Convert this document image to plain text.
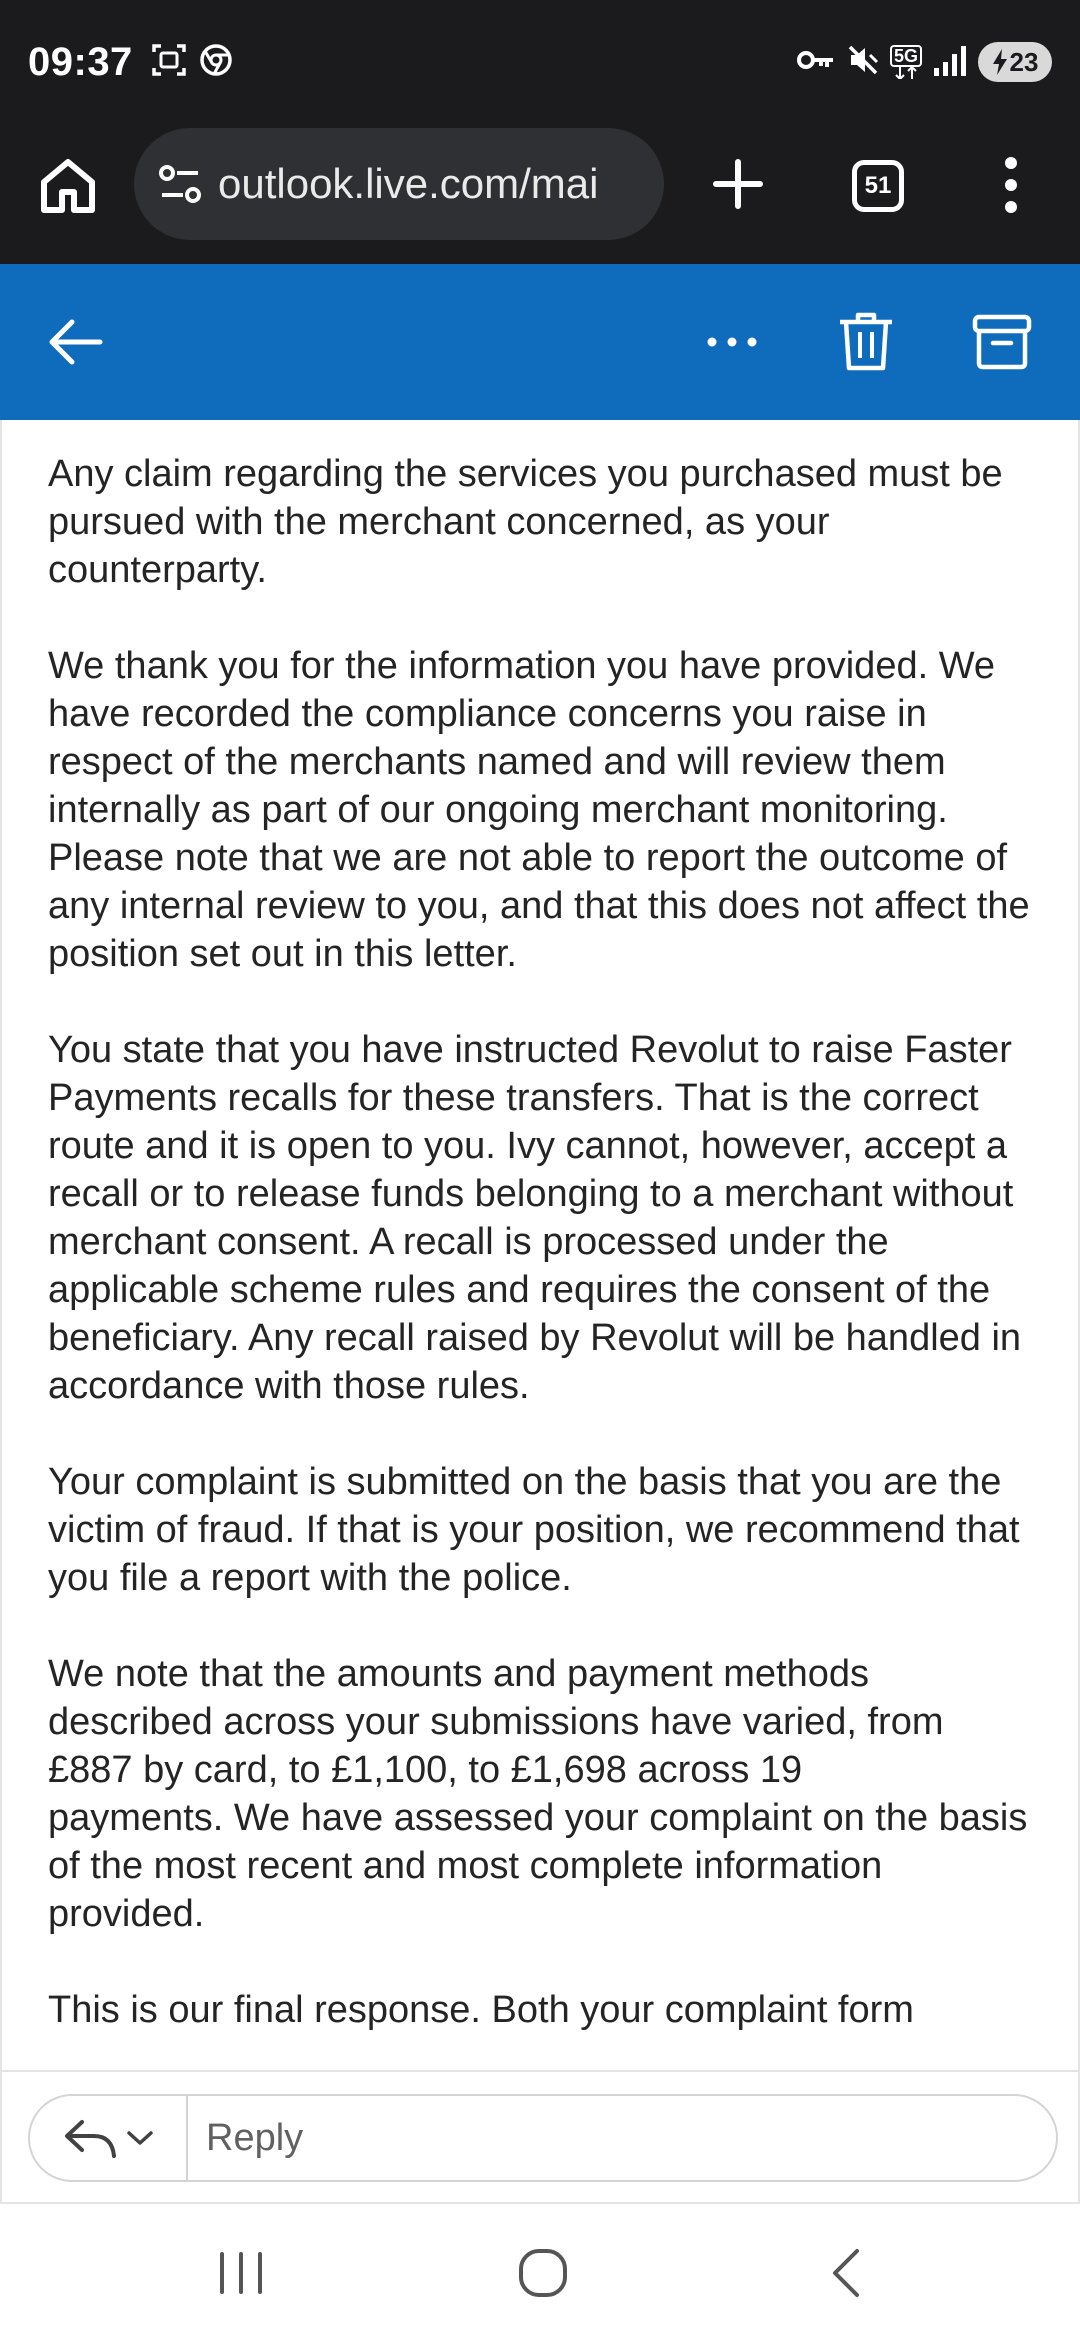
09:37	5G	23
outlook.live.com/mai	51

Any claim regarding the services you purchased must be pursued with the merchant concerned, as your counterparty.

We thank you for the information you have provided. We have recorded the compliance concerns you raise in respect of the merchants named and will review them internally as part of our ongoing merchant monitoring. Please note that we are not able to report the outcome of any internal review to you, and that this does not affect the position set out in this letter.

You state that you have instructed Revolut to raise Faster Payments recalls for these transfers. That is the correct route and it is open to you. Ivy cannot, however, accept a recall or to release funds belonging to a merchant without merchant consent. A recall is processed under the applicable scheme rules and requires the consent of the beneficiary. Any recall raised by Revolut will be handled in accordance with those rules.

Your complaint is submitted on the basis that you are the victim of fraud. If that is your position, we recommend that you file a report with the police.

We note that the amounts and payment methods described across your submissions have varied, from £887 by card, to £1,100, to £1,698 across 19
payments. We have assessed your complaint on the basis of the most recent and most complete information provided.

This is our final response. Both your complaint form

Reply
